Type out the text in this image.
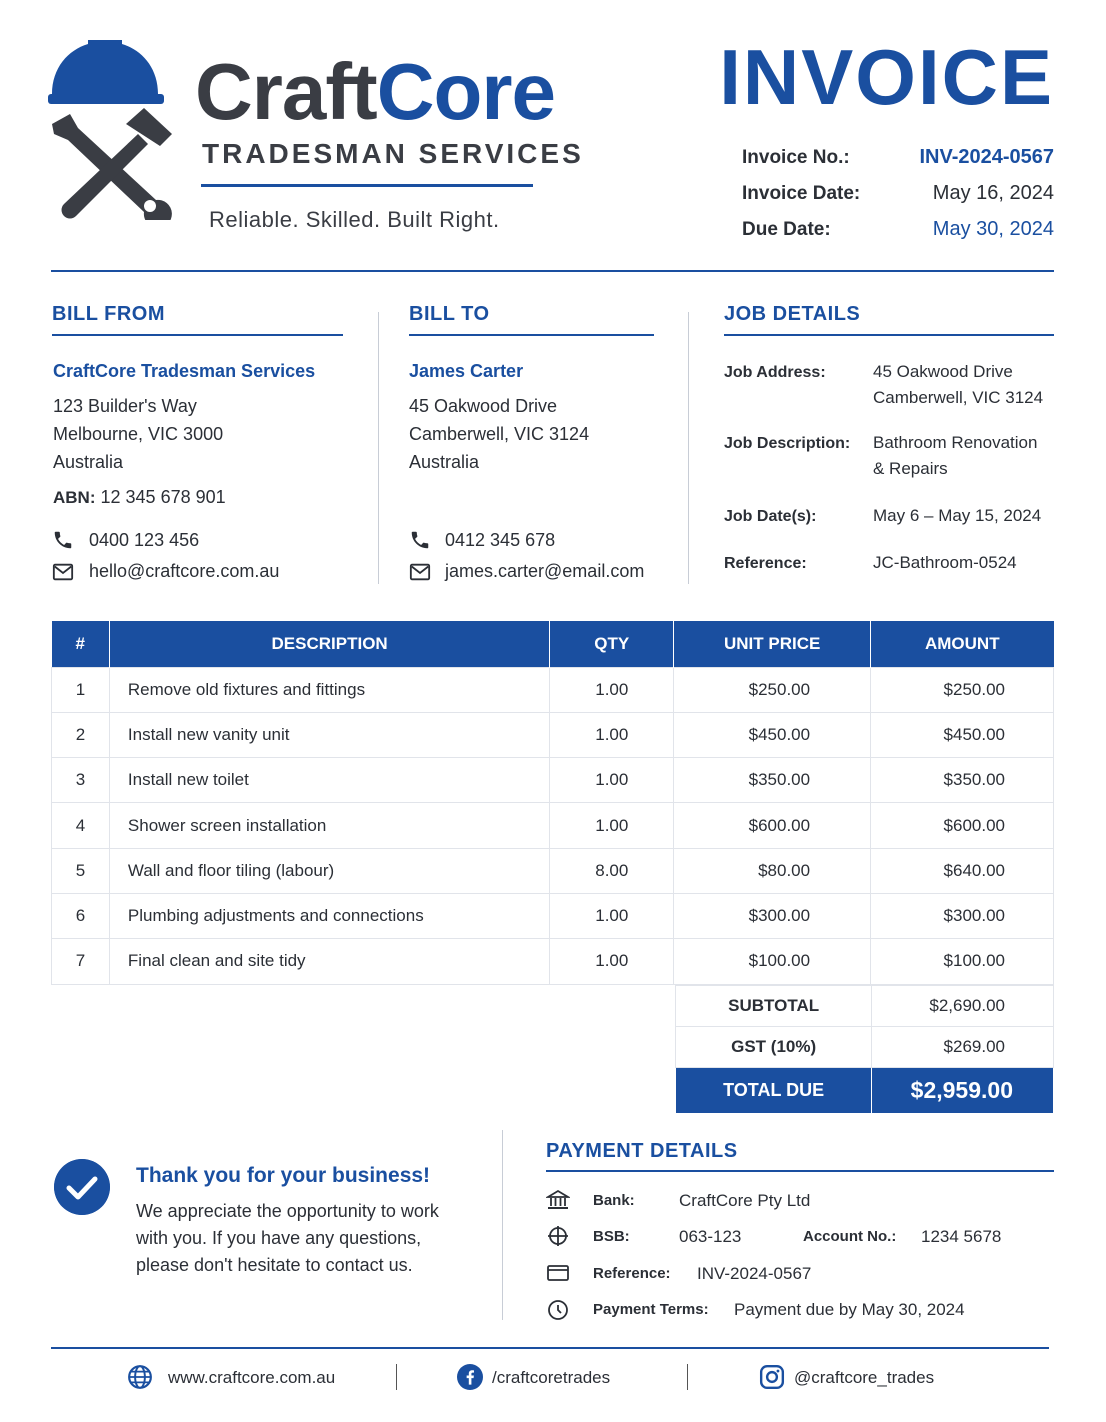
CraftCore
TRADESMAN SERVICES
Reliable. Skilled. Built Right.
INVOICE
Invoice No.:	INV-2024-0567
Invoice Date:	May 16, 2024
Due Date:	May 30, 2024
BILL FROM
CraftCore Tradesman Services
123 Builder's Way
Melbourne, VIC 3000
Australia
ABN: 12 345 678 901
0400 123 456
hello@craftcore.com.au
BILL TO
James Carter
45 Oakwood Drive
Camberwell, VIC 3124
Australia
0412 345 678
james.carter@email.com
JOB DETAILS
Job Address:	45 Oakwood Drive
Camberwell, VIC 3124
Job Description: Bathroom Renovation
& Repairs
Job Date(s):	May 6 – May 15, 2024
Reference:	JC-Bathroom-0524
#	DESCRIPTION	QTY	UNIT PRICE	AMOUNT
1	Remove old fixtures and fittings	1.00	$250.00	$250.00
2	Install new vanity unit	1.00	$450.00	$450.00
3	Install new toilet	1.00	$350.00	$350.00
4	Shower screen installation	1.00	$600.00	$600.00
5	Wall and floor tiling (labour)	8.00	$80.00	$640.00
6	Plumbing adjustments and connections	1.00	$300.00	$300.00
7	Final clean and site tidy	1.00	$100.00	$100.00
SUBTOTAL	$2,690.00
GST (10%)	$269.00
TOTAL DUE	$2,959.00
Thank you for your business!
We appreciate the opportunity to work with you. If you have any questions, please don't hesitate to contact us.
PAYMENT DETAILS
Bank:	CraftCore Pty Ltd
BSB:	063-123	Account No.: 1234 5678
Reference: INV-2024-0567
Payment Terms: Payment due by May 30, 2024
www.craftcore.com.au	/craftcoretrades	@craftcore_trades
